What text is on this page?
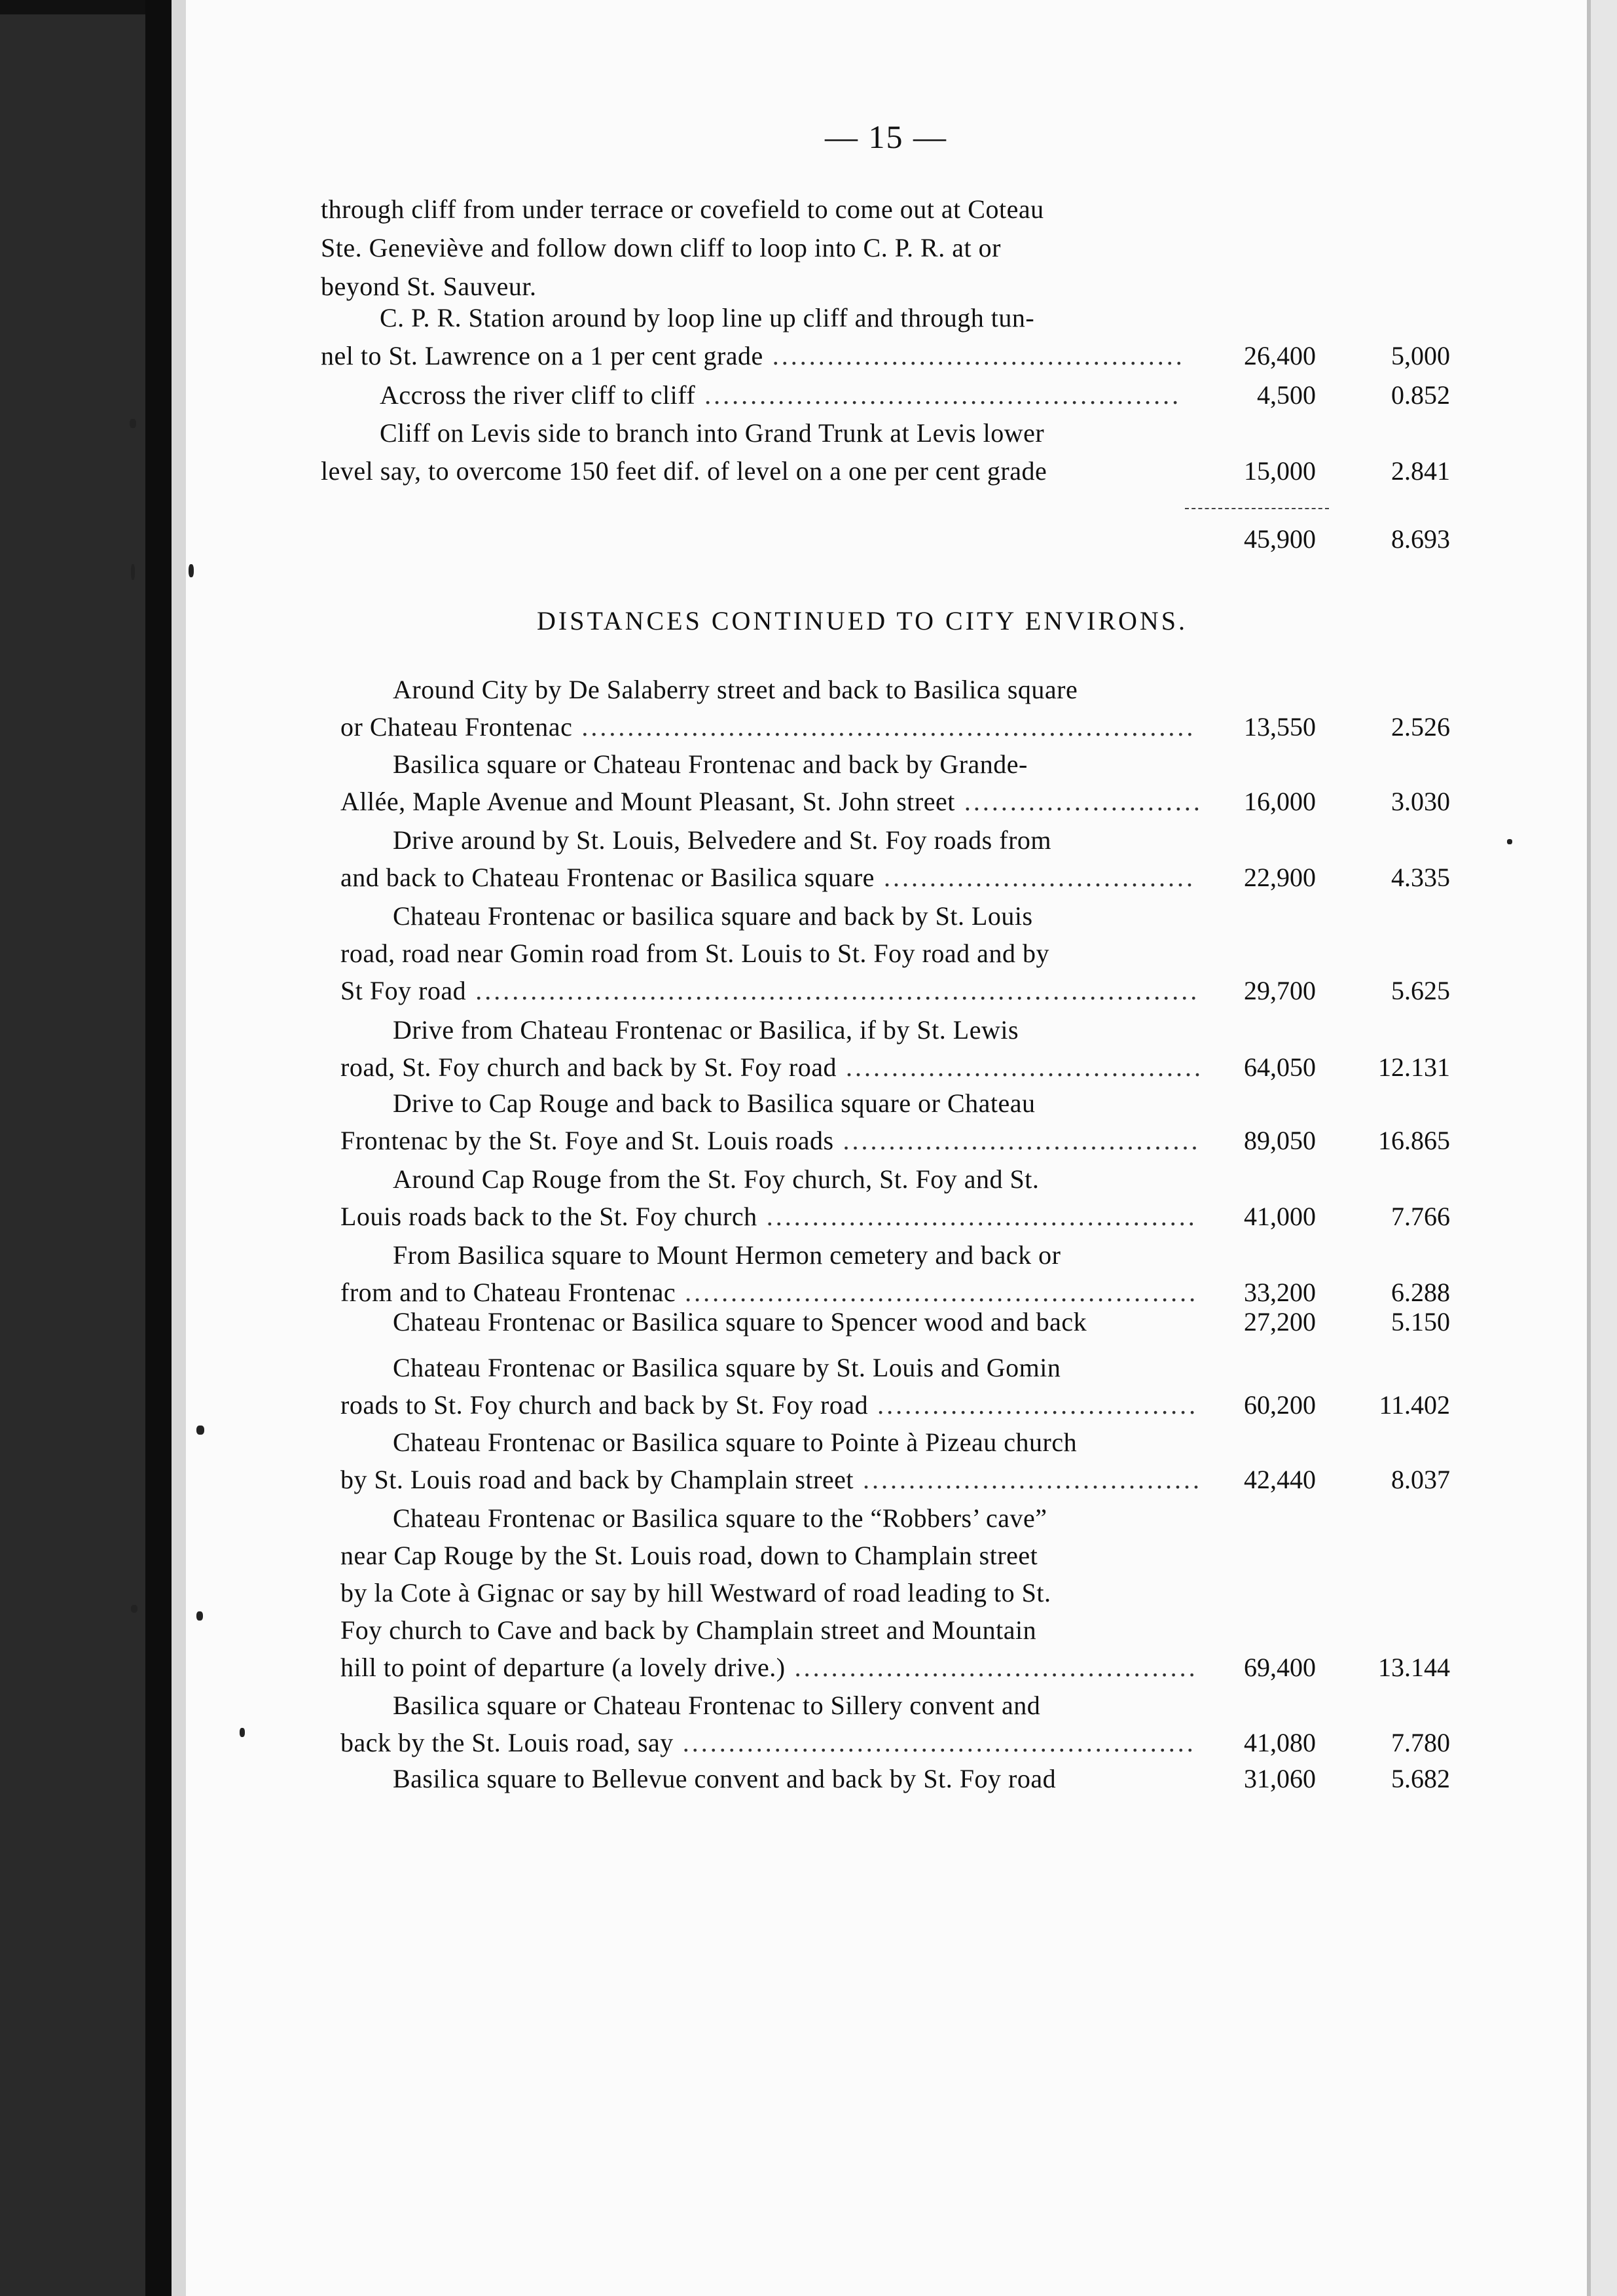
— 15 —
through cliff from under terrace or covefield to come out at Coteau
Ste. Geneviève and follow down cliff to loop into C. P. R. at or
beyond St. Sauveur.
C. P. R. Station around by loop line up cliff and through tun-
nel to St. Lawrence on a 1 per cent grade .............................................	26,400	5,000
Accross the river cliff to cliff ....................................................	4,500	0.852
Cliff on Levis side to branch into Grand Trunk at Levis lower
level say, to overcome 150 feet dif. of level on a one per cent grade	15,000	2.841
45,900	8.693
Around City by De Salaberry street and back to Basilica square
or Chateau Frontenac ...................................................................	13,550	2.526
Basilica square or Chateau Frontenac and back by Grande-
Allée, Maple Avenue and Mount Pleasant, St. John street ..........................	16,000	3.030
Drive around by St. Louis, Belvedere and St. Foy roads from
and back to Chateau Frontenac or Basilica square ..................................	22,900	4.335
Chateau Frontenac or basilica square and back by St. Louis
road, road near Gomin road from St. Louis to St. Foy road and by
St Foy road ...............................................................................	29,700	5.625
Drive from Chateau Frontenac or Basilica, if by St. Lewis
road, St. Foy church and back by St. Foy road .......................................	64,050	12.131
Drive to Cap Rouge and back to Basilica square or Chateau
Frontenac by the St. Foye and St. Louis roads .......................................	89,050	16.865
Around Cap Rouge from the St. Foy church, St. Foy and St.
Louis roads back to the St. Foy church ...............................................	41,000	7.766
From Basilica square to Mount Hermon cemetery and back or
from and to Chateau Frontenac ........................................................	33,200	6.288
Chateau Frontenac or Basilica square to Spencer wood and back	27,200	5.150
Chateau Frontenac or Basilica square by St. Louis and Gomin
roads to St. Foy church and back by St. Foy road ...................................	60,200	11.402
Chateau Frontenac or Basilica square to Pointe à Pizeau church
by St. Louis road and back by Champlain street .....................................	42,440	8.037
Chateau Frontenac or Basilica square to the “Robbers’ cave”
near Cap Rouge by the St. Louis road, down to Champlain street
by la Cote à Gignac or say by hill Westward of road leading to St.
Foy church to Cave and back by Champlain street and Mountain
hill to point of departure (a lovely drive.) ............................................	69,400	13.144
Basilica square or Chateau Frontenac to Sillery convent and
back by the St. Louis road, say ........................................................	41,080	7.780
Basilica square to Bellevue convent and back by St. Foy road	31,060	5.682
DISTANCES CONTINUED TO CITY ENVIRONS.
